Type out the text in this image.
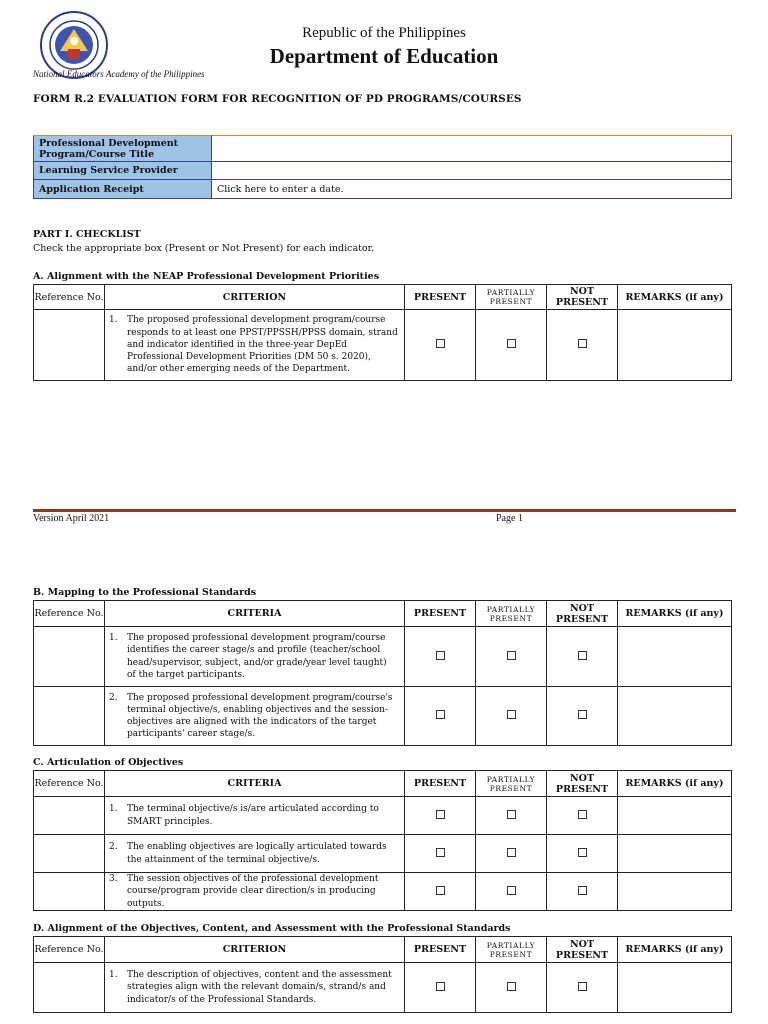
Republic of the Philippines
Department of Education
National Educators Academy of the Philippines
FORM R.2 EVALUATION FORM FOR RECOGNITION OF PD PROGRAMS/COURSES
Professional Development Program/Course Title	
Learning Service Provider	
Application Receipt	Click here to enter a date.
PART I. CHECKLIST
Check the appropriate box (Present or Not Present) for each indicator.
A. Alignment with the NEAP Professional Development Priorities
Reference No.	CRITERION	PRESENT	PARTIALLY PRESENT	NOT PRESENT	REMARKS (if any)
	1. The proposed professional development program/course responds to at least one PPST/PPSSH/PPSS domain, strand and indicator identified in the three-year DepEd Professional Development Priorities (DM 50 s. 2020), and/or other emerging needs of the Department.				
Version April 2021	Page 1
B. Mapping to the Professional Standards
Reference No.	CRITERIA	PRESENT	PARTIALLY PRESENT	NOT PRESENT	REMARKS (if any)
	1. The proposed professional development program/course identifies the career stage/s and profile (teacher/school head/supervisor, subject, and/or grade/year level taught) of the target participants.				
	2. The proposed professional development program/course's terminal objective/s, enabling objectives and the session-objectives are aligned with the indicators of the target participants' career stage/s.				
C. Articulation of Objectives
Reference No.	CRITERIA	PRESENT	PARTIALLY PRESENT	NOT PRESENT	REMARKS (if any)
	1. The terminal objective/s is/are articulated according to SMART principles.				
	2. The enabling objectives are logically articulated towards the attainment of the terminal objective/s.				
	3. The session objectives of the professional development course/program provide clear direction/s in producing outputs.				
D. Alignment of the Objectives, Content, and Assessment with the Professional Standards
Reference No.	CRITERION	PRESENT	PARTIALLY PRESENT	NOT PRESENT	REMARKS (if any)
	1. The description of objectives, content and the assessment strategies align with the relevant domain/s, strand/s and indicator/s of the Professional Standards.				
